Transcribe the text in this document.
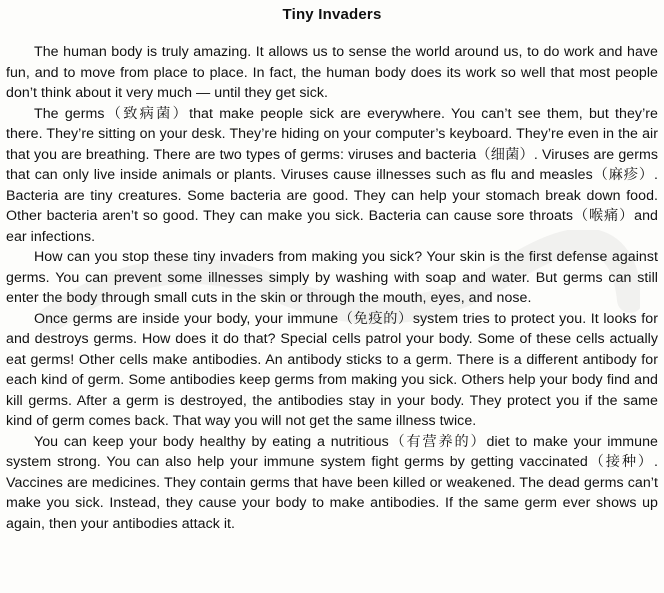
Tiny Invaders

The human body is truly amazing. It allows us to sense the world around us, to do work and have fun, and to move from place to place. In fact, the human body does its work so well that most people don’t think about it very much — until they get sick.

The germs（致病菌）that make people sick are everywhere. You can’t see them, but they’re there. They’re sitting on your desk. They’re hiding on your computer’s keyboard. They’re even in the air that you are breathing. There are two types of germs: viruses and bacteria（细菌）. Viruses are germs that can only live inside animals or plants. Viruses cause illnesses such as flu and measles（麻疹）. Bacteria are tiny creatures. Some bacteria are good. They can help your stomach break down food. Other bacteria aren’t so good. They can make you sick. Bacteria can cause sore throats（喉痛）and ear infections.

How can you stop these tiny invaders from making you sick? Your skin is the first defense against germs. You can prevent some illnesses simply by washing with soap and water. But germs can still enter the body through small cuts in the skin or through the mouth, eyes, and nose.

Once germs are inside your body, your immune（免疫的）system tries to protect you. It looks for and destroys germs. How does it do that? Special cells patrol your body. Some of these cells actually eat germs! Other cells make antibodies. An antibody sticks to a germ. There is a different antibody for each kind of germ. Some antibodies keep germs from making you sick. Others help your body find and kill germs. After a germ is destroyed, the antibodies stay in your body. They protect you if the same kind of germ comes back. That way you will not get the same illness twice.

You can keep your body healthy by eating a nutritious（有营养的）diet to make your immune system strong. You can also help your immune system fight germs by getting vaccinated（接种）. Vaccines are medicines. They contain germs that have been killed or weakened. The dead germs can’t make you sick. Instead, they cause your body to make antibodies. If the same germ ever shows up again, then your antibodies attack it.
